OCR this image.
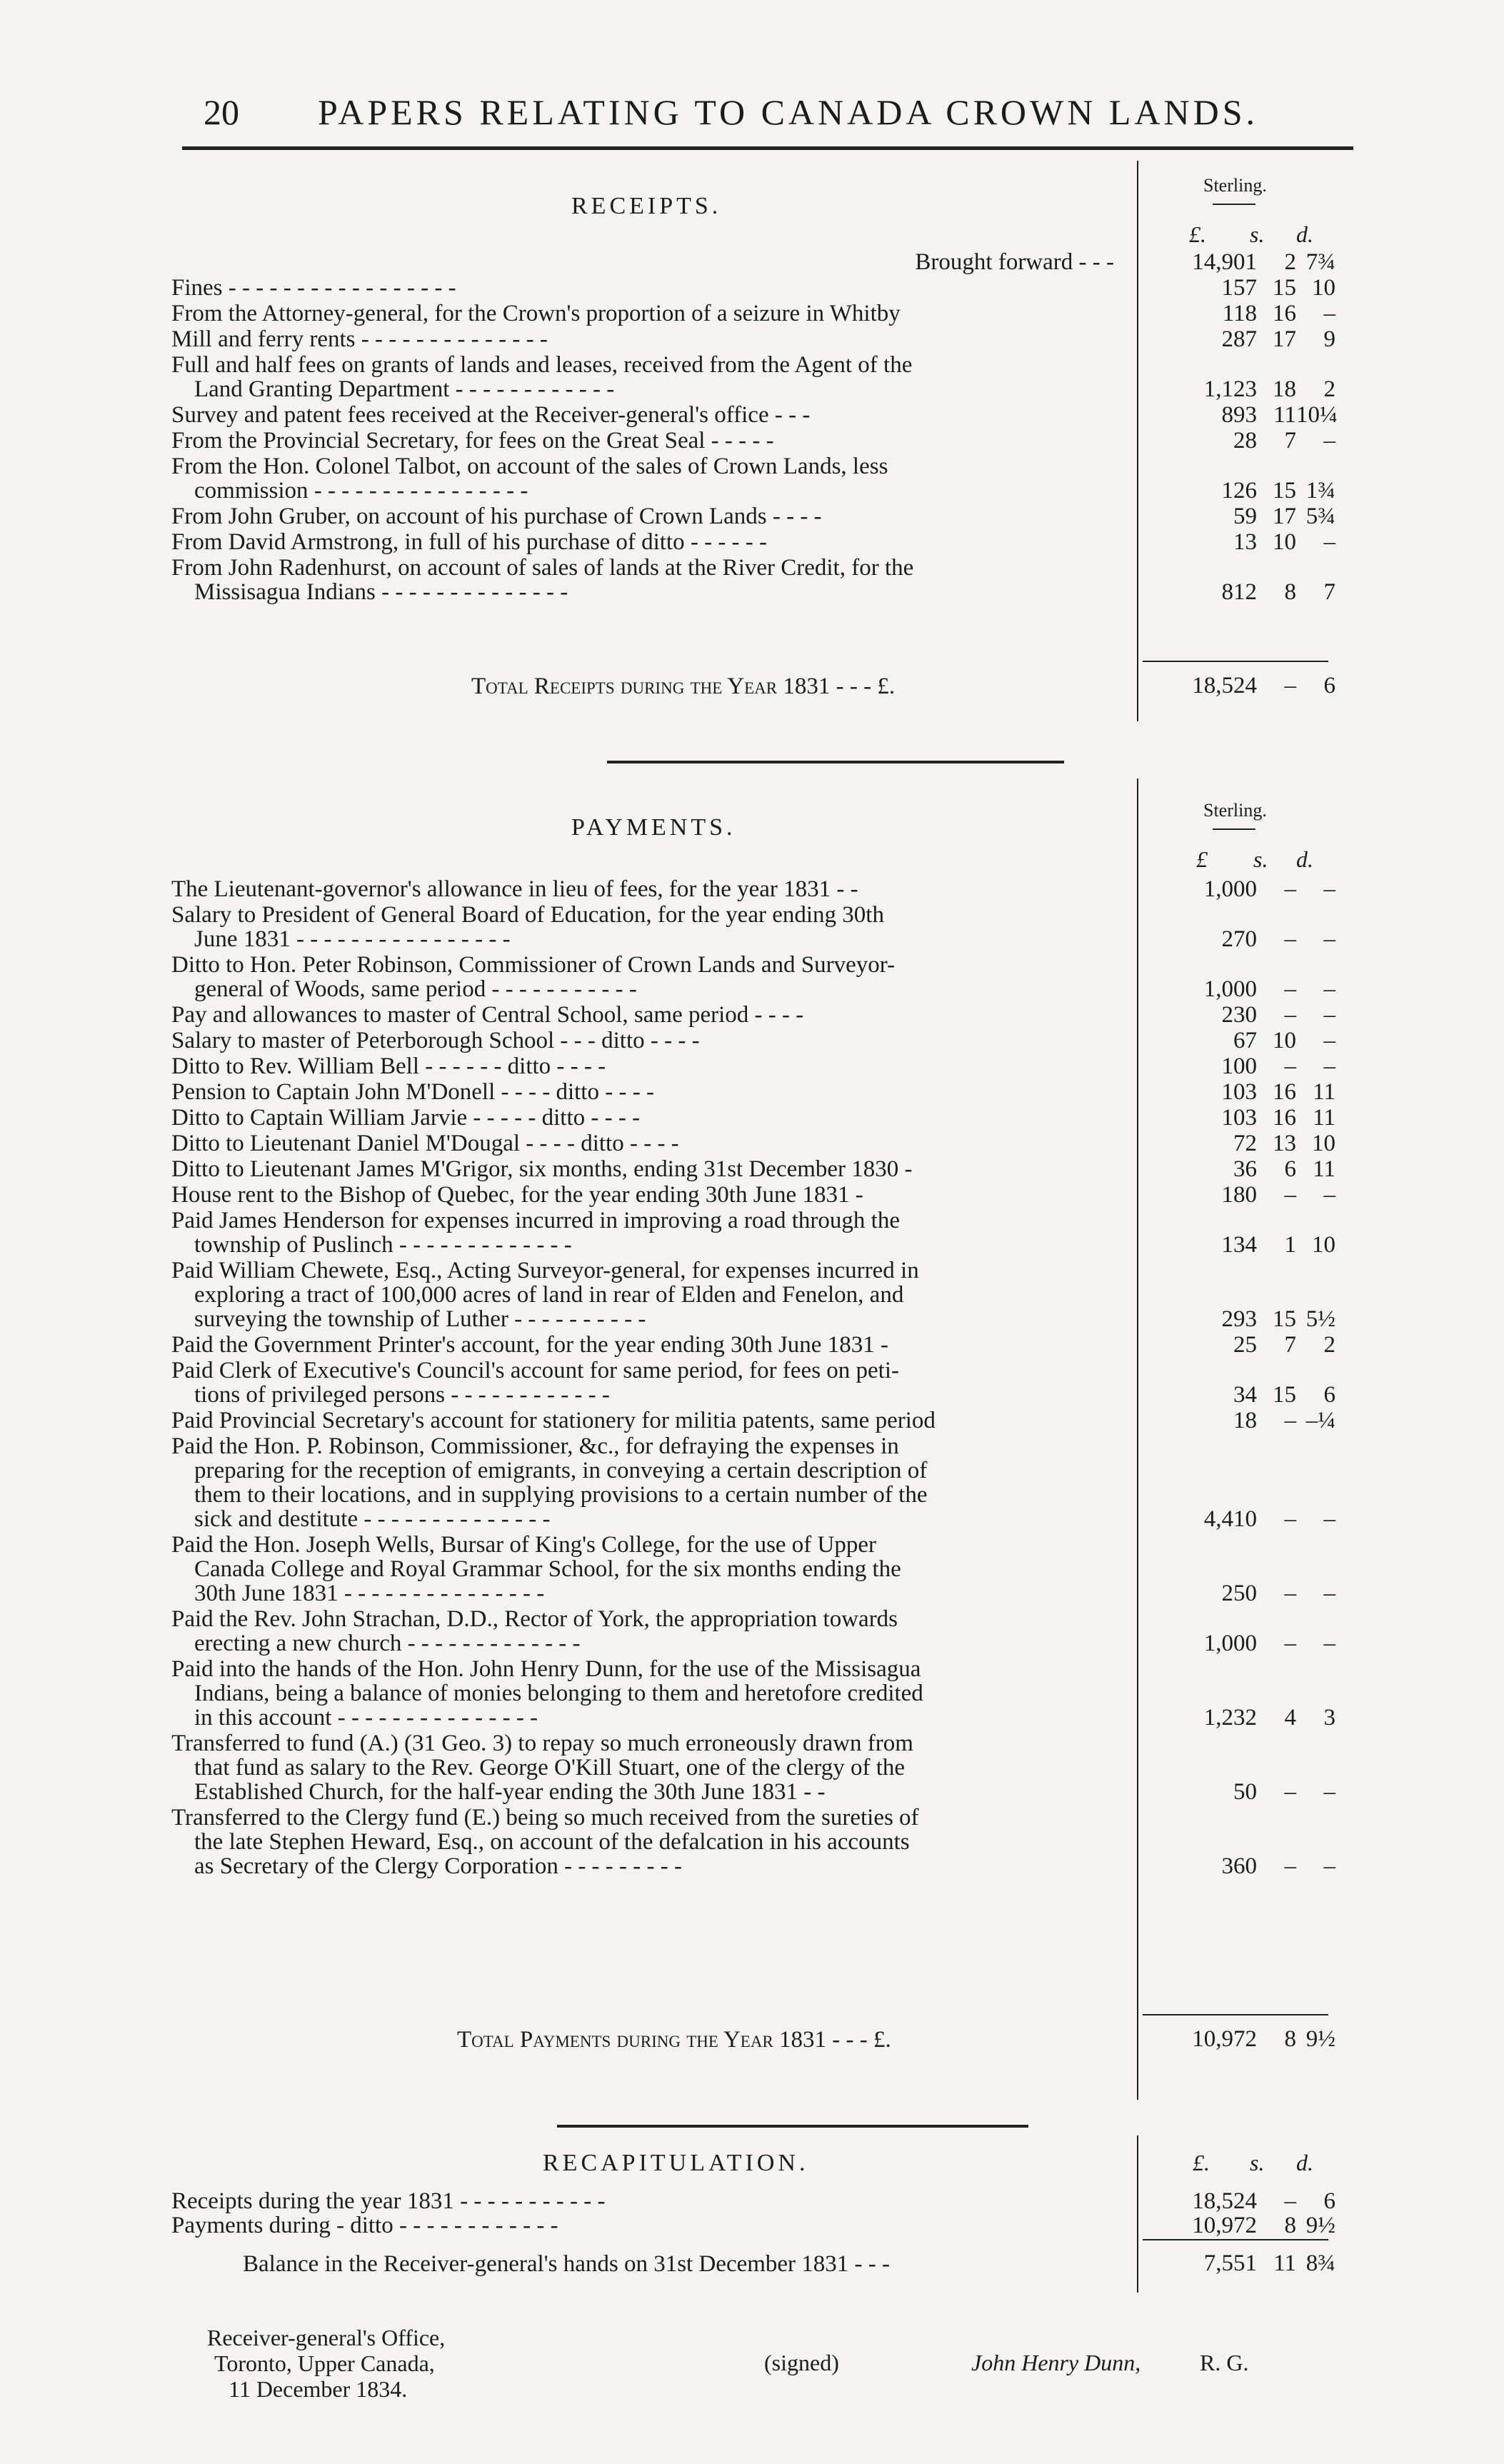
20 PAPERS RELATING TO CANADA CROWN LANDS.
RECEIPTS.
Sterling.
£. s. d.
Brought forward - - -	14,901 2 7¾
Fines - - - - - - - - - - - - - - - - -	157 15 10
From the Attorney-general, for the Crown's proportion of a seizure in Whitby	118 16 –
Mill and ferry rents - - - - - - - - - - - - - -	287 17 9
Full and half fees on grants of lands and leases, received from the Agent of the
Land Granting Department - - - - - - - - - - - -	1,123 18 2
Survey and patent fees received at the Receiver-general's office - - -	893 1110¼
From the Provincial Secretary, for fees on the Great Seal - - - - -	28 7 –
From the Hon. Colonel Talbot, on account of the sales of Crown Lands, less
commission - - - - - - - - - - - - - - - -	126 15 1¾
From John Gruber, on account of his purchase of Crown Lands - - - -	59 17 5¾
From David Armstrong, in full of his purchase of ditto - - - - - -	13 10 –
From John Radenhurst, on account of sales of lands at the River Credit, for the
Missisagua Indians - - - - - - - - - - - - - -	812 8 7
Total Receipts during the Year 1831 - - - £.	18,524 – 6
PAYMENTS.
Sterling.
£ s. d.
The Lieutenant-governor's allowance in lieu of fees, for the year 1831 - -	1,000 – –
Salary to President of General Board of Education, for the year ending 30th
June 1831 - - - - - - - - - - - - - - - -	270 – –
Ditto to Hon. Peter Robinson, Commissioner of Crown Lands and Surveyor-
general of Woods, same period - - - - - - - - - - -	1,000 – –
Pay and allowances to master of Central School, same period - - - -	230 – –
Salary to master of Peterborough School - - - ditto - - - -	67 10 –
Ditto to Rev. William Bell - - - - - - ditto - - - -	100 – –
Pension to Captain John M'Donell - - - - ditto - - - -	103 16 11
Ditto to Captain William Jarvie - - - - - ditto - - - -	103 16 11
Ditto to Lieutenant Daniel M'Dougal - - - - ditto - - - -	72 13 10
Ditto to Lieutenant James M'Grigor, six months, ending 31st December 1830 -	36 6 11
House rent to the Bishop of Quebec, for the year ending 30th June 1831 -	180 – –
Paid James Henderson for expenses incurred in improving a road through the
township of Puslinch - - - - - - - - - - - - -	134 1 10
Paid William Chewete, Esq., Acting Surveyor-general, for expenses incurred in
exploring a tract of 100,000 acres of land in rear of Elden and Fenelon, and
surveying the township of Luther - - - - - - - - - -	293 15 5½
Paid the Government Printer's account, for the year ending 30th June 1831 -	25 7 2
Paid Clerk of Executive's Council's account for same period, for fees on peti-
tions of privileged persons - - - - - - - - - - - -	34 15 6
Paid Provincial Secretary's account for stationery for militia patents, same period	18 – –¼
Paid the Hon. P. Robinson, Commissioner, &c., for defraying the expenses in
preparing for the reception of emigrants, in conveying a certain description of
them to their locations, and in supplying provisions to a certain number of the
sick and destitute - - - - - - - - - - - - - -	4,410 – –
Paid the Hon. Joseph Wells, Bursar of King's College, for the use of Upper
Canada College and Royal Grammar School, for the six months ending the
30th June 1831 - - - - - - - - - - - - - - -	250 – –
Paid the Rev. John Strachan, D.D., Rector of York, the appropriation towards
erecting a new church - - - - - - - - - - - - -	1,000 – –
Paid into the hands of the Hon. John Henry Dunn, for the use of the Missisagua
Indians, being a balance of monies belonging to them and heretofore credited
in this account - - - - - - - - - - - - - - -	1,232 4 3
Transferred to fund (A.) (31 Geo. 3) to repay so much erroneously drawn from
that fund as salary to the Rev. George O'Kill Stuart, one of the clergy of the
Established Church, for the half-year ending the 30th June 1831 - -	50 – –
Transferred to the Clergy fund (E.) being so much received from the sureties of
the late Stephen Heward, Esq., on account of the defalcation in his accounts
as Secretary of the Clergy Corporation - - - - - - - - -	360 – –
Total Payments during the Year 1831 - - - £.	10,972 8 9½
RECAPITULATION.	£. s. d.
Receipts during the year 1831 - - - - - - - - - - -	18,524 – 6
Payments during - ditto - - - - - - - - - - - -	10,972 8 9½
Balance in the Receiver-general's hands on 31st December 1831 - - -	7,551 11 8¾
Receiver-general's Office,
Toronto, Upper Canada,
11 December 1834.
(signed)	John Henry Dunn,	R. G.
